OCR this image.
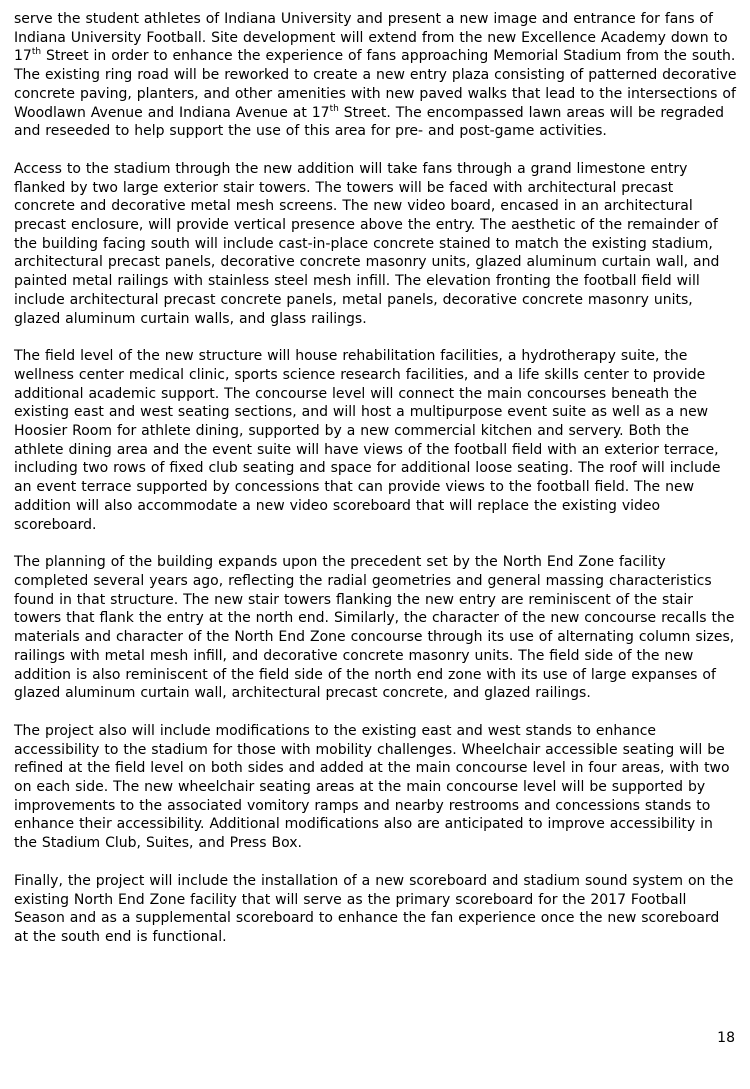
serve the student athletes of Indiana University and present a new image and entrance for fans of Indiana University Football. Site development will extend from the new Excellence Academy down to 17th Street in order to enhance the experience of fans approaching Memorial Stadium from the south. The existing ring road will be reworked to create a new entry plaza consisting of patterned decorative concrete paving, planters, and other amenities with new paved walks that lead to the intersections of Woodlawn Avenue and Indiana Avenue at 17th Street. The encompassed lawn areas will be regraded and reseeded to help support the use of this area for pre- and post-game activities.

Access to the stadium through the new addition will take fans through a grand limestone entry flanked by two large exterior stair towers. The towers will be faced with architectural precast concrete and decorative metal mesh screens. The new video board, encased in an architectural precast enclosure, will provide vertical presence above the entry. The aesthetic of the remainder of the building facing south will include cast-in-place concrete stained to match the existing stadium, architectural precast panels, decorative concrete masonry units, glazed aluminum curtain wall, and painted metal railings with stainless steel mesh infill. The elevation fronting the football field will include architectural precast concrete panels, metal panels, decorative concrete masonry units, glazed aluminum curtain walls, and glass railings.

The field level of the new structure will house rehabilitation facilities, a hydrotherapy suite, the wellness center medical clinic, sports science research facilities, and a life skills center to provide additional academic support. The concourse level will connect the main concourses beneath the existing east and west seating sections, and will host a multipurpose event suite as well as a new Hoosier Room for athlete dining, supported by a new commercial kitchen and servery. Both the athlete dining area and the event suite will have views of the football field with an exterior terrace, including two rows of fixed club seating and space for additional loose seating. The roof will include an event terrace supported by concessions that can provide views to the football field. The new addition will also accommodate a new video scoreboard that will replace the existing video scoreboard.

The planning of the building expands upon the precedent set by the North End Zone facility completed several years ago, reflecting the radial geometries and general massing characteristics found in that structure. The new stair towers flanking the new entry are reminiscent of the stair towers that flank the entry at the north end. Similarly, the character of the new concourse recalls the materials and character of the North End Zone concourse through its use of alternating column sizes, railings with metal mesh infill, and decorative concrete masonry units. The field side of the new addition is also reminiscent of the field side of the north end zone with its use of large expanses of glazed aluminum curtain wall, architectural precast concrete, and glazed railings.

The project also will include modifications to the existing east and west stands to enhance accessibility to the stadium for those with mobility challenges. Wheelchair accessible seating will be refined at the field level on both sides and added at the main concourse level in four areas, with two on each side. The new wheelchair seating areas at the main concourse level will be supported by improvements to the associated vomitory ramps and nearby restrooms and concessions stands to enhance their accessibility. Additional modifications also are anticipated to improve accessibility in the Stadium Club, Suites, and Press Box.

Finally, the project will include the installation of a new scoreboard and stadium sound system on the existing North End Zone facility that will serve as the primary scoreboard for the 2017 Football Season and as a supplemental scoreboard to enhance the fan experience once the new scoreboard at the south end is functional.

18
